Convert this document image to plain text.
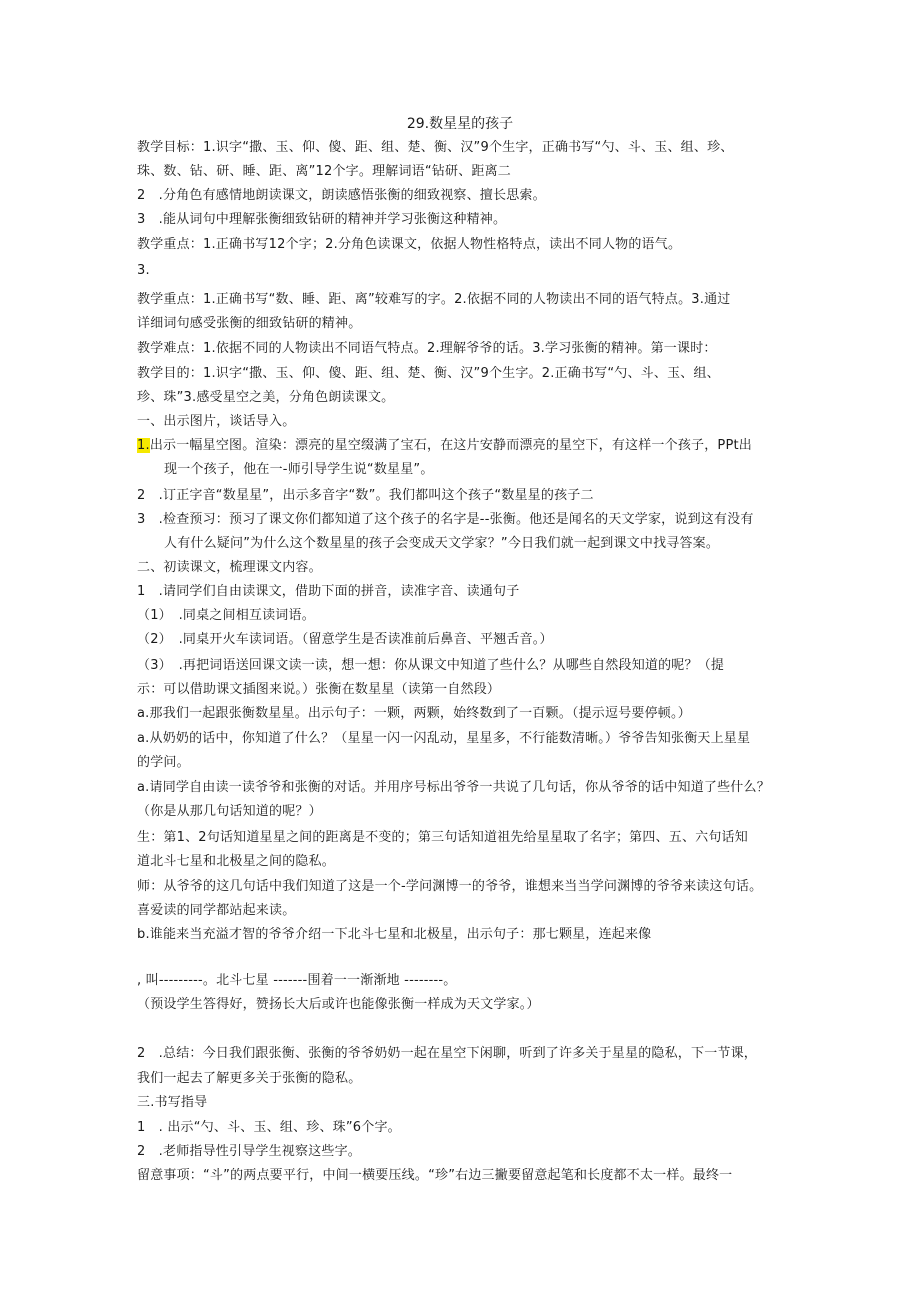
29.数星星的孩子
教学目标：1.识字“撒、玉、仰、傻、距、组、楚、衡、汉”9个生字，正确书写“勺、斗、玉、组、珍、
珠、数、钻、研、睡、距、离”12个字。理解词语“钻研、距离二
2　.分角色有感情地朗读课文，朗读感悟张衡的细致视察、擅长思索。
3　.能从词句中理解张衡细致钻研的精神并学习张衡这种精神。
教学重点：1.正确书写12个字；2.分角色读课文，依据人物性格特点，读出不同人物的语气。
3.
教学重点：1.正确书写“数、睡、距、离”较难写的字。2.依据不同的人物读出不同的语气特点。3.通过
详细词句感受张衡的细致钻研的精神。
教学难点：1.依据不同的人物读出不同语气特点。2.理解爷爷的话。3.学习张衡的精神。第一课时：
教学目的：1.识字“撒、玉、仰、傻、距、组、楚、衡、汉”9个生字。2.正确书写“勺、斗、玉、组、
珍、珠”3.感受星空之美，分角色朗读课文。
一、出示图片，谈话导入。
1.出示一幅星空图。渲染：漂亮的星空缀满了宝石，在这片安静而漂亮的星空下，有这样一个孩子，PPt出
现一个孩子，他在一-师引导学生说“数星星”。
2　.订正字音“数星星”，出示多音字“数”。我们都叫这个孩子“数星星的孩子二
3　.检查预习：预习了课文你们都知道了这个孩子的名字是--张衡。他还是闻名的天文学家，说到这有没有
人有什么疑问”为什么这个数星星的孩子会变成天文学家？”今日我们就一起到课文中找寻答案。
二、初读课文，梳理课文内容。
1　.请同学们自由读课文，借助下面的拼音，读准字音、读通句子
（1）　.同桌之间相互读词语。
（2）　.同桌开火车读词语。（留意学生是否读准前后鼻音、平翘舌音。）
（3）　.再把词语送回课文读一读，想一想：你从课文中知道了些什么？从哪些自然段知道的呢？（提
示：可以借助课文插图来说。）张衡在数星星（读第一自然段）
a.那我们一起跟张衡数星星。出示句子：一颗，两颗，始终数到了一百颗。（提示逗号要停顿。）
a.从奶奶的话中，你知道了什么？（星星一闪一闪乱动，星星多，不行能数清晰。）爷爷告知张衡天上星星
的学问。
a.请同学自由读一读爷爷和张衡的对话。并用序号标出爷爷一共说了几句话，你从爷爷的话中知道了些什么？
（你是从那几句话知道的呢？）
生：第1、2句话知道星星之间的距离是不变的；第三句话知道祖先给星星取了名字；第四、五、六句话知
道北斗七星和北极星之间的隐私。
师：从爷爷的这几句话中我们知道了这是一个-学问渊博一的爷爷，谁想来当当学问渊博的爷爷来读这句话。
喜爱读的同学都站起来读。
b.谁能来当充溢才智的爷爷介绍一下北斗七星和北极星，出示句子：那七颗星，连起来像
, 叫---------。北斗七星 -------围着一一渐渐地 --------。
（预设学生答得好，赞扬长大后或许也能像张衡一样成为天文学家。）
2　.总结：今日我们跟张衡、张衡的爷爷奶奶一起在星空下闲聊，听到了许多关于星星的隐私，下一节课，
我们一起去了解更多关于张衡的隐私。
三.书写指导
1　. 出示“勺、斗、玉、组、珍、珠”6个字。
2　.老师指导性引导学生视察这些字。
留意事项：“斗”的两点要平行，中间一横要压线。“珍”右边三撇要留意起笔和长度都不太一样。最终一
